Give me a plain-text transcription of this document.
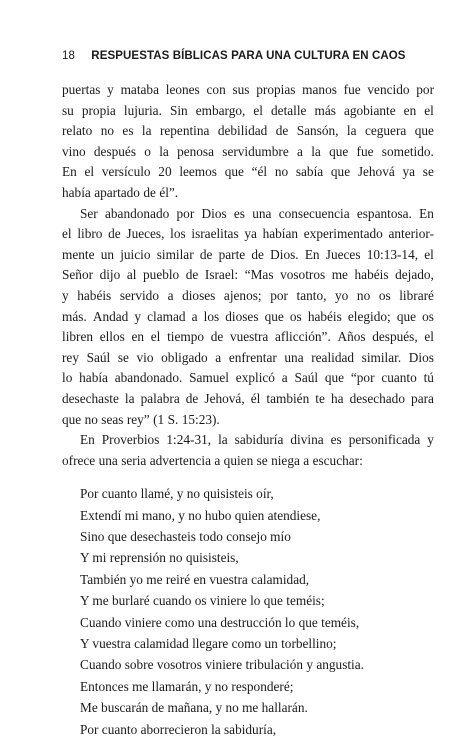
18 RESPUESTAS BÍBLICAS PARA UNA CULTURA EN CAOS
puertas y mataba leones con sus propias manos fue vencido por
su propia lujuria. Sin embargo, el detalle más agobiante en el
relato no es la repentina debilidad de Sansón, la ceguera que
vino después o la penosa servidumbre a la que fue sometido.
En el versículo 20 leemos que “él no sabía que Jehová ya se
había apartado de él”.
Ser abandonado por Dios es una consecuencia espantosa. En
el libro de Jueces, los israelitas ya habían experimentado anterior-
mente un juicio similar de parte de Dios. En Jueces 10:13-14, el
Señor dijo al pueblo de Israel: “Mas vosotros me habéis dejado,
y habéis servido a dioses ajenos; por tanto, yo no os libraré
más. Andad y clamad a los dioses que os habéis elegido; que os
libren ellos en el tiempo de vuestra aflicción”. Años después, el
rey Saúl se vio obligado a enfrentar una realidad similar. Dios
lo había abandonado. Samuel explicó a Saúl que “por cuanto tú
desechaste la palabra de Jehová, él también te ha desechado para
que no seas rey” (1 S. 15:23).
En Proverbios 1:24-31, la sabiduría divina es personificada y
ofrece una seria advertencia a quien se niega a escuchar:
Por cuanto llamé, y no quisisteis oír,
Extendí mi mano, y no hubo quien atendiese,
Sino que desechasteis todo consejo mío
Y mi reprensión no quisisteis,
También yo me reiré en vuestra calamidad,
Y me burlaré cuando os viniere lo que teméis;
Cuando viniere como una destrucción lo que teméis,
Y vuestra calamidad llegare como un torbellino;
Cuando sobre vosotros viniere tribulación y angustia.
Entonces me llamarán, y no responderé;
Me buscarán de mañana, y no me hallarán.
Por cuanto aborrecieron la sabiduría,
